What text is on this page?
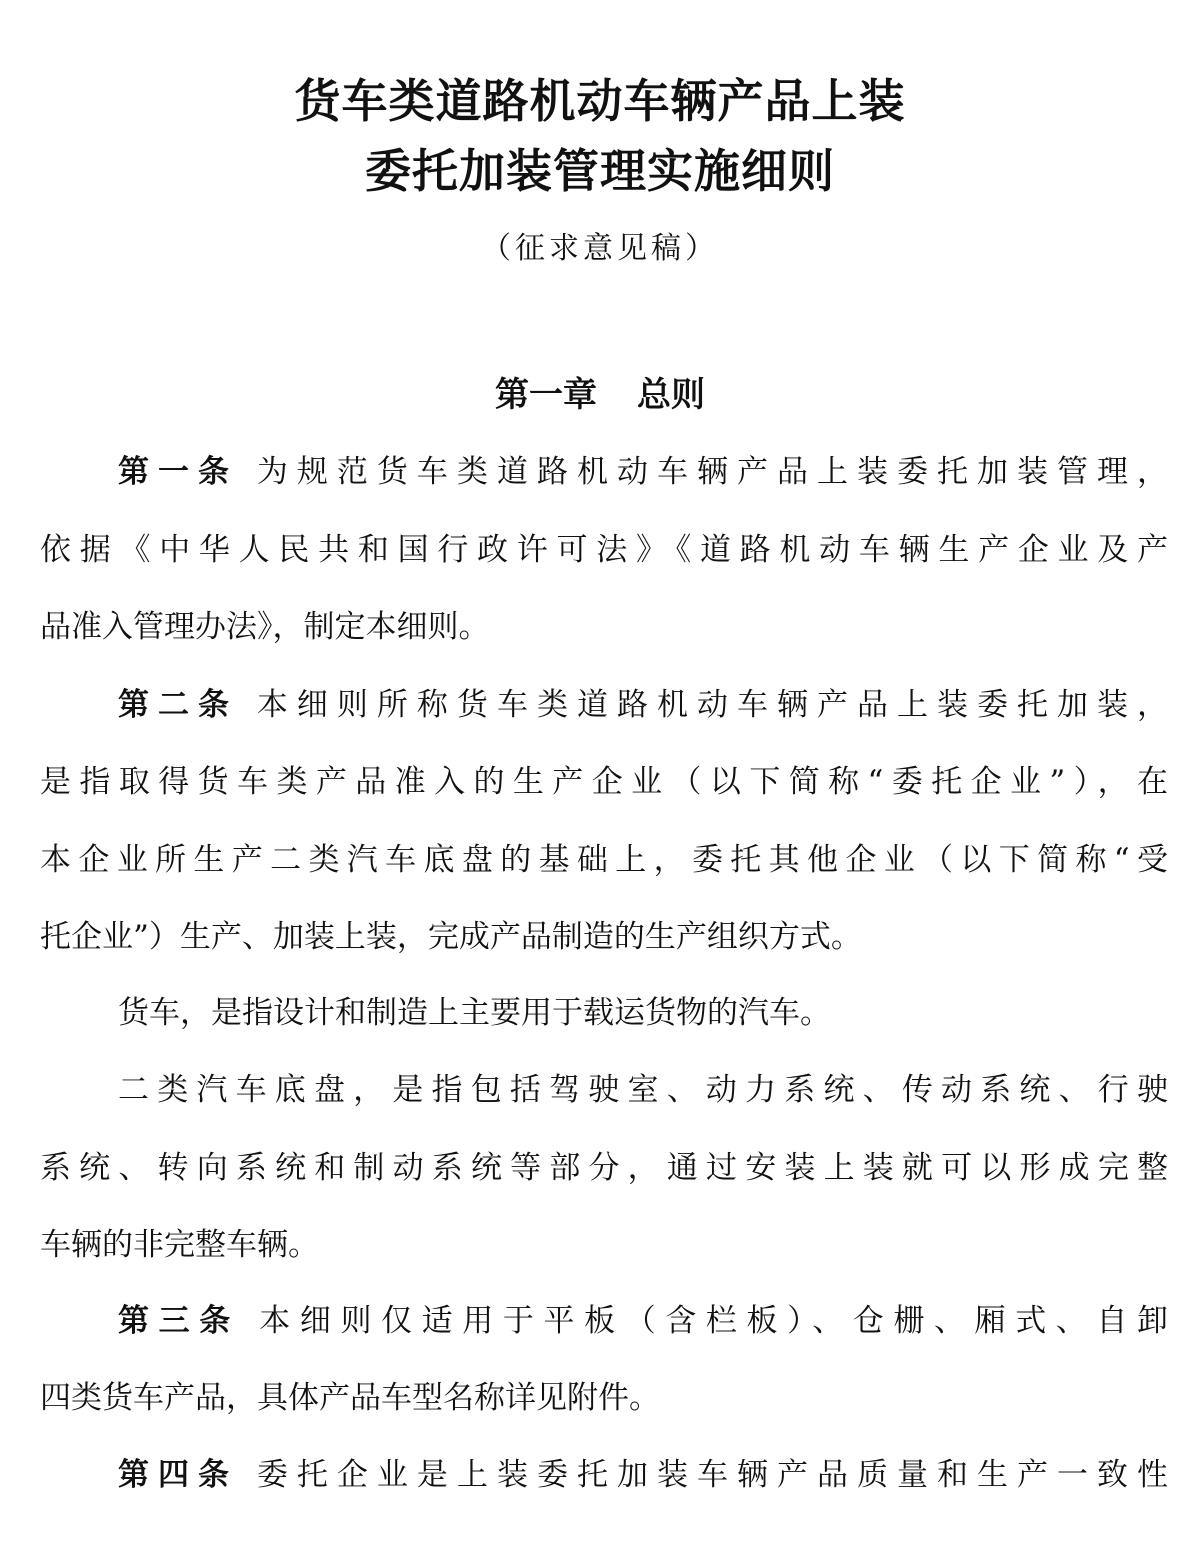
货车类道路机动车辆产品上装
委托加装管理实施细则
（征求意见稿）
第一章 总则
第一条 为规范货车类道路机动车辆产品上装委托加装管理，
依据《中华人民共和国行政许可法》《道路机动车辆生产企业及产
品准入管理办法》，制定本细则。
第二条 本细则所称货车类道路机动车辆产品上装委托加装，
是指取得货车类产品准入的生产企业（以下简称“委托企业”），在
本企业所生产二类汽车底盘的基础上，委托其他企业（以下简称“受
托企业”）生产、加装上装，完成产品制造的生产组织方式。
货车，是指设计和制造上主要用于载运货物的汽车。
二类汽车底盘，是指包括驾驶室、动力系统、传动系统、行驶
系统、转向系统和制动系统等部分，通过安装上装就可以形成完整
车辆的非完整车辆。
第三条 本细则仅适用于平板（含栏板）、仓栅、厢式、自卸
四类货车产品，具体产品车型名称详见附件。
第四条 委托企业是上装委托加装车辆产品质量和生产一致性
